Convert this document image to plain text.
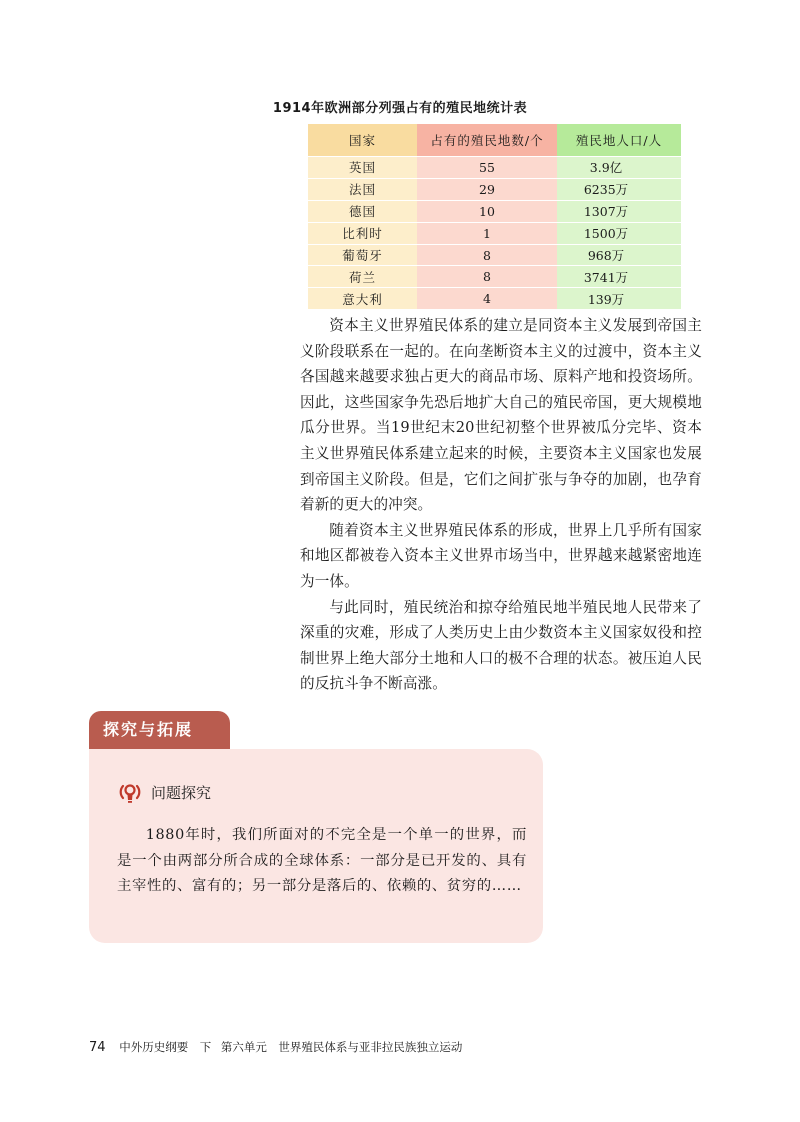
1914年欧洲部分列强占有的殖民地统计表
国家	占有的殖民地数/个	殖民地人口/人
英国	55	3.9亿
法国	29	6235万
德国	10	1307万
比利时	1	1500万
葡萄牙	8	968万
荷兰	8	3741万
意大利	4	139万

资本主义世界殖民体系的建立是同资本主义发展到帝国主义阶段联系在一起的。在向垄断资本主义的过渡中，资本主义各国越来越要求独占更大的商品市场、原料产地和投资场所。因此，这些国家争先恐后地扩大自己的殖民帝国，更大规模地瓜分世界。当19世纪末20世纪初整个世界被瓜分完毕、资本主义世界殖民体系建立起来的时候，主要资本主义国家也发展到帝国主义阶段。但是，它们之间扩张与争夺的加剧，也孕育着新的更大的冲突。

随着资本主义世界殖民体系的形成，世界上几乎所有国家和地区都被卷入资本主义世界市场当中，世界越来越紧密地连为一体。

与此同时，殖民统治和掠夺给殖民地半殖民地人民带来了深重的灾难，形成了人类历史上由少数资本主义国家奴役和控制世界上绝大部分土地和人口的极不合理的状态。被压迫人民的反抗斗争不断高涨。

探究与拓展
问题探究

1880年时，我们所面对的不完全是一个单一的世界，而是一个由两部分所合成的全球体系：一部分是已开发的、具有主宰性的、富有的；另一部分是落后的、依赖的、贫穷的……

74 中外历史纲要　下 第六单元　世界殖民体系与亚非拉民族独立运动
